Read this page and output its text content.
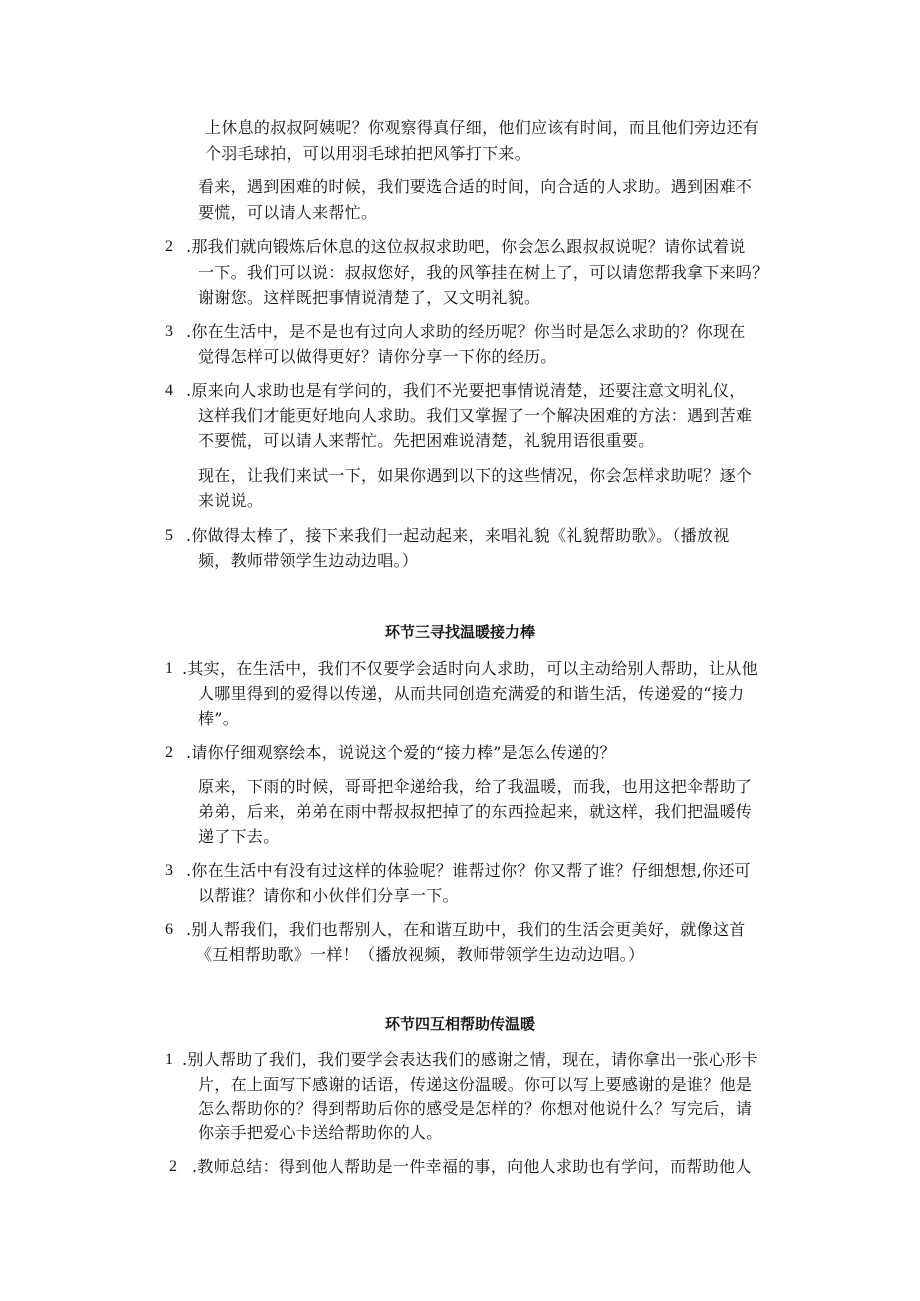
上休息的叔叔阿姨呢？你观察得真仔细，他们应该有时间，而且他们旁边还有
个羽毛球拍，可以用羽毛球拍把风筝打下来。
看来，遇到困难的时候，我们要选合适的时间，向合适的人求助。遇到困难不
要慌，可以请人来帮忙。
2 .那我们就向锻炼后休息的这位叔叔求助吧，你会怎么跟叔叔说呢？请你试着说
一下。我们可以说：叔叔您好，我的风筝挂在树上了，可以请您帮我拿下来吗？
谢谢您。这样既把事情说清楚了，又文明礼貌。
3 .你在生活中，是不是也有过向人求助的经历呢？你当时是怎么求助的？你现在
觉得怎样可以做得更好？请你分享一下你的经历。
4 .原来向人求助也是有学问的，我们不光要把事情说清楚，还要注意文明礼仪，
这样我们才能更好地向人求助。我们又掌握了一个解决困难的方法：遇到苦难
不要慌，可以请人来帮忙。先把困难说清楚，礼貌用语很重要。
现在，让我们来试一下，如果你遇到以下的这些情况，你会怎样求助呢？逐个
来说说。
5 .你做得太棒了，接下来我们一起动起来，来唱礼貌《礼貌帮助歌》。（播放视
频，教师带领学生边动边唱。）
环节三寻找温暖接力棒
1 .其实，在生活中，我们不仅要学会适时向人求助，可以主动给别人帮助，让从他
人哪里得到的爱得以传递，从而共同创造充满爱的和谐生活，传递爱的“接力
棒”。
2 .请你仔细观察绘本，说说这个爱的“接力棒”是怎么传递的？
原来，下雨的时候，哥哥把伞递给我，给了我温暖，而我，也用这把伞帮助了
弟弟，后来，弟弟在雨中帮叔叔把掉了的东西捡起来，就这样，我们把温暖传
递了下去。
3 .你在生活中有没有过这样的体验呢？谁帮过你？你又帮了谁？仔细想想,你还可
以帮谁？请你和小伙伴们分享一下。
6 .别人帮我们，我们也帮别人，在和谐互助中，我们的生活会更美好，就像这首
《互相帮助歌》一样！（播放视频，教师带领学生边动边唱。）
环节四互相帮助传温暖
1 .别人帮助了我们，我们要学会表达我们的感谢之情，现在，请你拿出一张心形卡
片，在上面写下感谢的话语，传递这份温暖。你可以写上要感谢的是谁？他是
怎么帮助你的？得到帮助后你的感受是怎样的？你想对他说什么？写完后，请
你亲手把爱心卡送给帮助你的人。
2 .教师总结：得到他人帮助是一件幸福的事，向他人求助也有学问，而帮助他人
